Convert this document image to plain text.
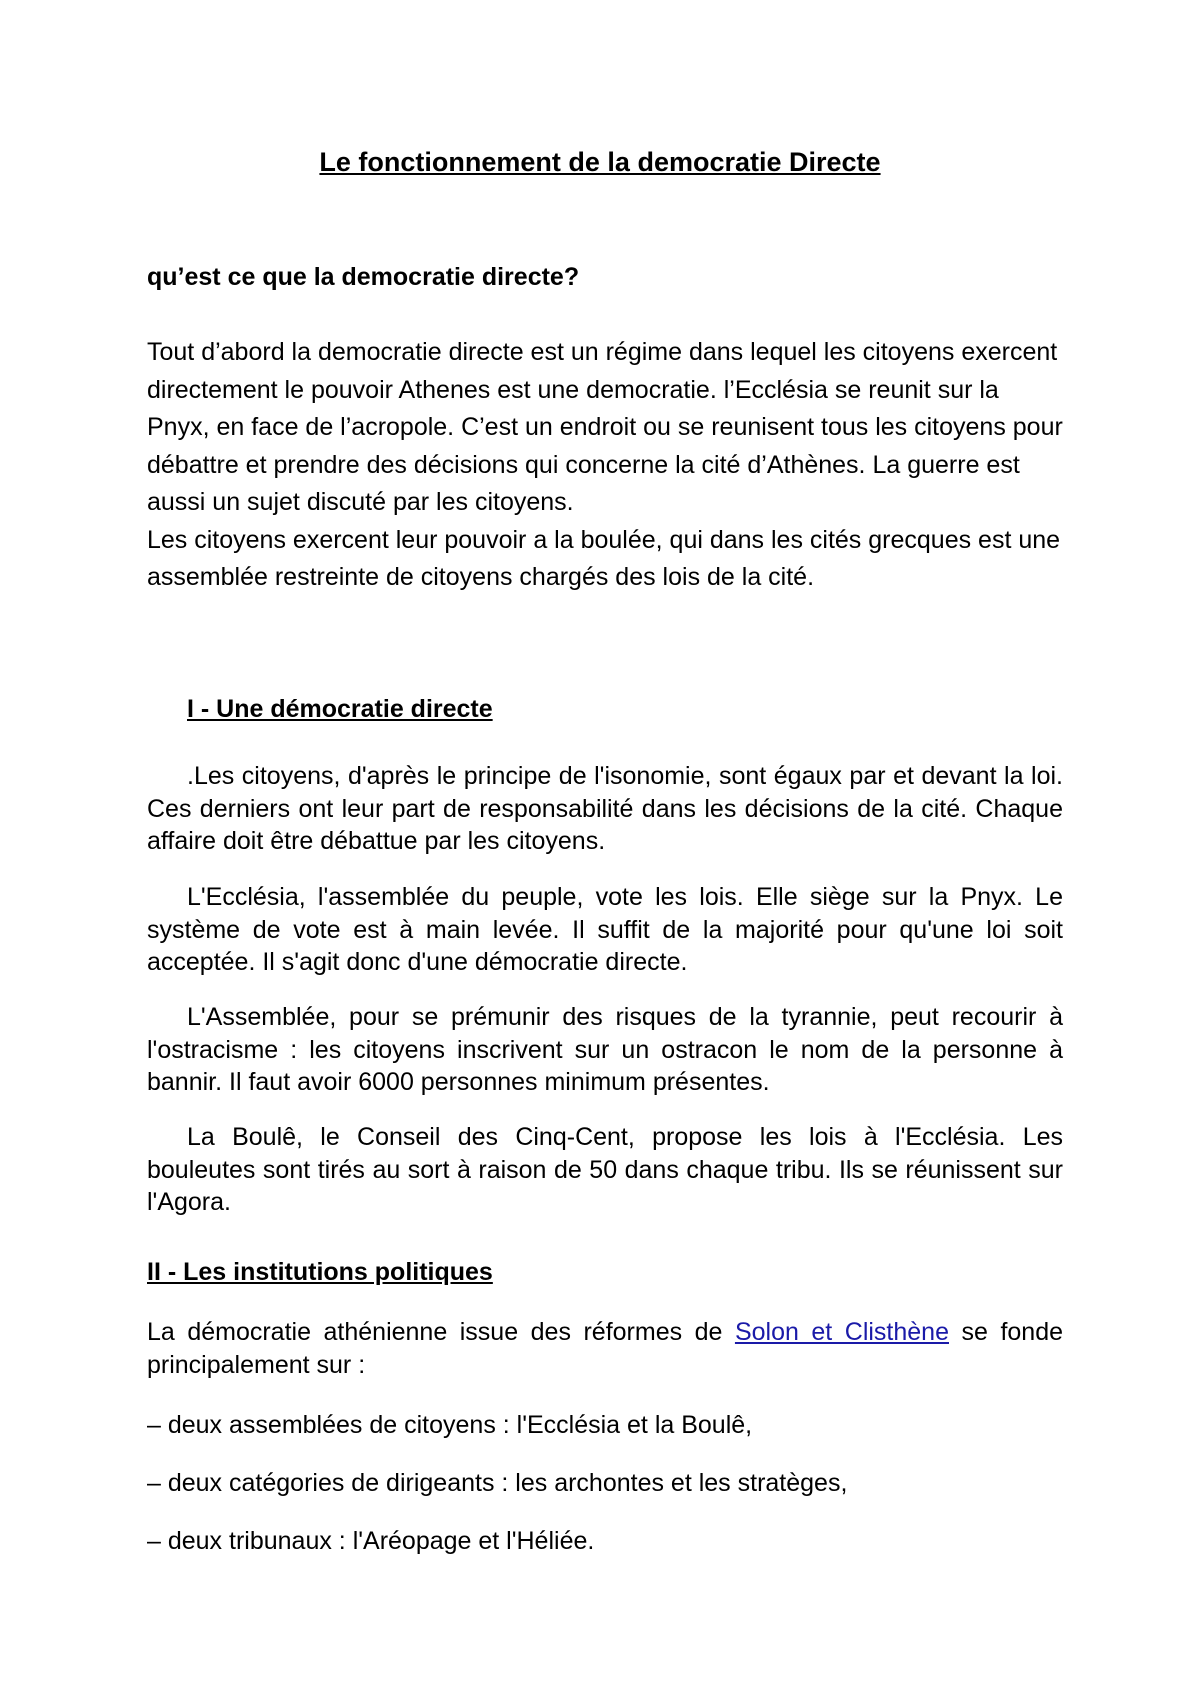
Le fonctionnement de la democratie Directe
qu’est ce que la democratie directe?

Tout d’abord la democratie directe est un régime dans lequel les citoyens exercent directement le pouvoir Athenes est une democratie. l’Ecclésia se reunit sur la Pnyx, en face de l’acropole. C’est un endroit ou se reunisent tous les citoyens pour débattre et prendre des décisions qui concerne la cité d’Athènes. La guerre est aussi un sujet discuté par les citoyens.

Les citoyens exercent leur pouvoir a la boulée, qui dans les cités grecques est une assemblée restreinte de citoyens chargés des lois de la cité.

I - Une démocratie directe

.Les citoyens, d'après le principe de l'isonomie, sont égaux par et devant la loi. Ces derniers ont leur part de responsabilité dans les décisions de la cité. Chaque affaire doit être débattue par les citoyens.

L'Ecclésia, l'assemblée du peuple, vote les lois. Elle siège sur la Pnyx. Le système de vote est à main levée. Il suffit de la majorité pour qu'une loi soit acceptée. Il s'agit donc d'une démocratie directe.

L'Assemblée, pour se prémunir des risques de la tyrannie, peut recourir à l'ostracisme : les citoyens inscrivent sur un ostracon le nom de la personne à bannir. Il faut avoir 6000 personnes minimum présentes.

La Boulê, le Conseil des Cinq-Cent, propose les lois à l'Ecclésia. Les bouleutes sont tirés au sort à raison de 50 dans chaque tribu. Ils se réunissent sur l'Agora.

II - Les institutions politiques

La démocratie athénienne issue des réformes de Solon et Clisthène se fonde principalement sur :

– deux assemblées de citoyens : l'Ecclésia et la Boulê,

– deux catégories de dirigeants : les archontes et les stratèges,

– deux tribunaux : l'Aréopage et l'Héliée.
